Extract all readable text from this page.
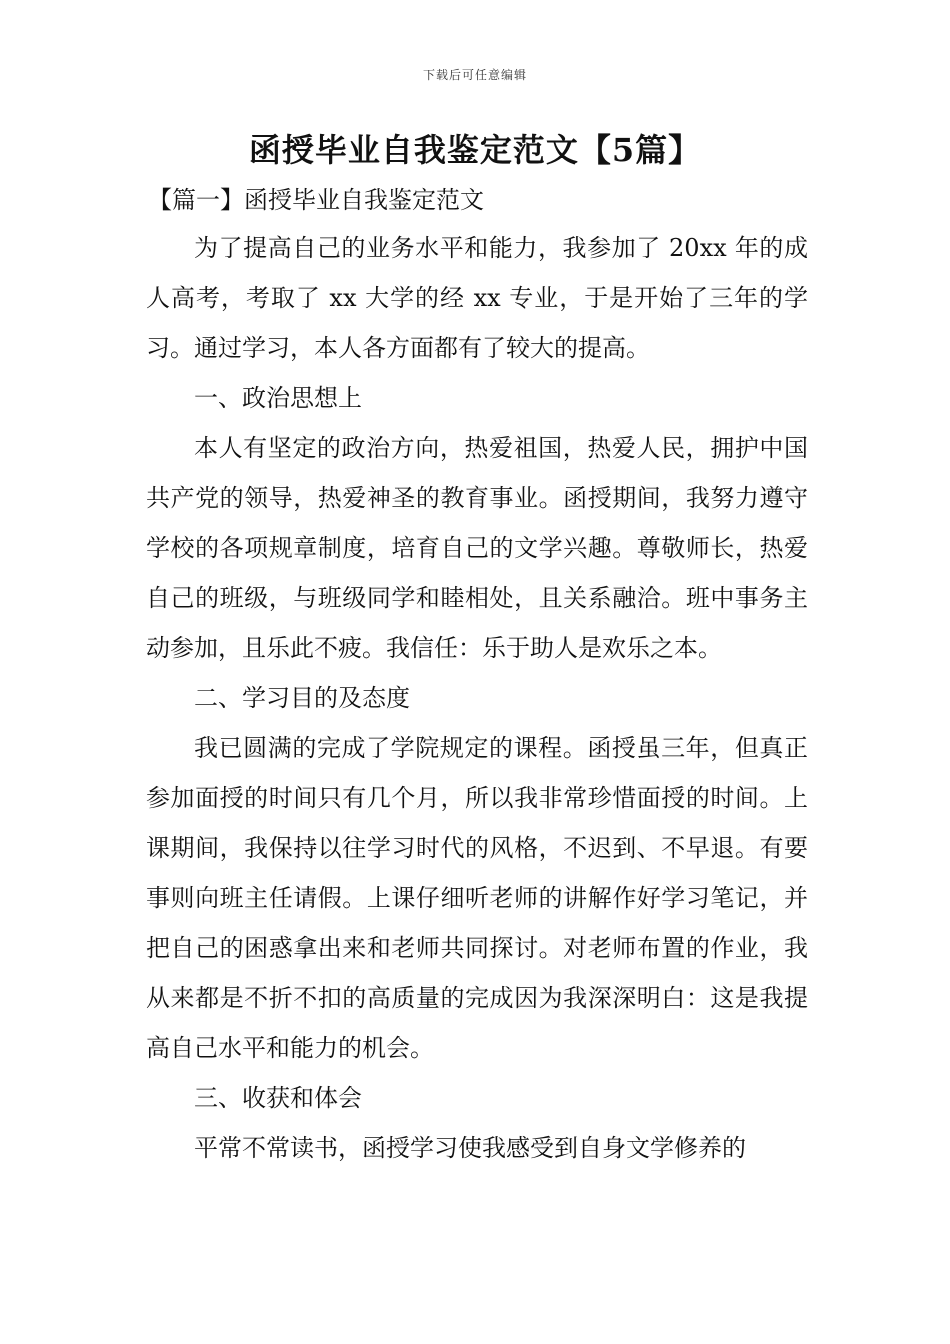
下载后可任意编辑
函授毕业自我鉴定范文【5篇】
【篇一】函授毕业自我鉴定范文

为了提高自己的业务水平和能力，我参加了 20xx 年的成人高考，考取了 xx 大学的经 xx 专业，于是开始了三年的学习。通过学习，本人各方面都有了较大的提高。

一、政治思想上

本人有坚定的政治方向，热爱祖国，热爱人民，拥护中国共产党的领导，热爱神圣的教育事业。函授期间，我努力遵守学校的各项规章制度，培育自己的文学兴趣。尊敬师长，热爱自己的班级，与班级同学和睦相处，且关系融洽。班中事务主动参加，且乐此不疲。我信任：乐于助人是欢乐之本。

二、学习目的及态度

我已圆满的完成了学院规定的课程。函授虽三年，但真正参加面授的时间只有几个月，所以我非常珍惜面授的时间。上课期间，我保持以往学习时代的风格，不迟到、不早退。有要事则向班主任请假。上课仔细听老师的讲解作好学习笔记，并把自己的困惑拿出来和老师共同探讨。对老师布置的作业，我从来都是不折不扣的高质量的完成因为我深深明白：这是我提高自己水平和能力的机会。

三、收获和体会

平常不常读书，函授学习使我感受到自身文学修养的
